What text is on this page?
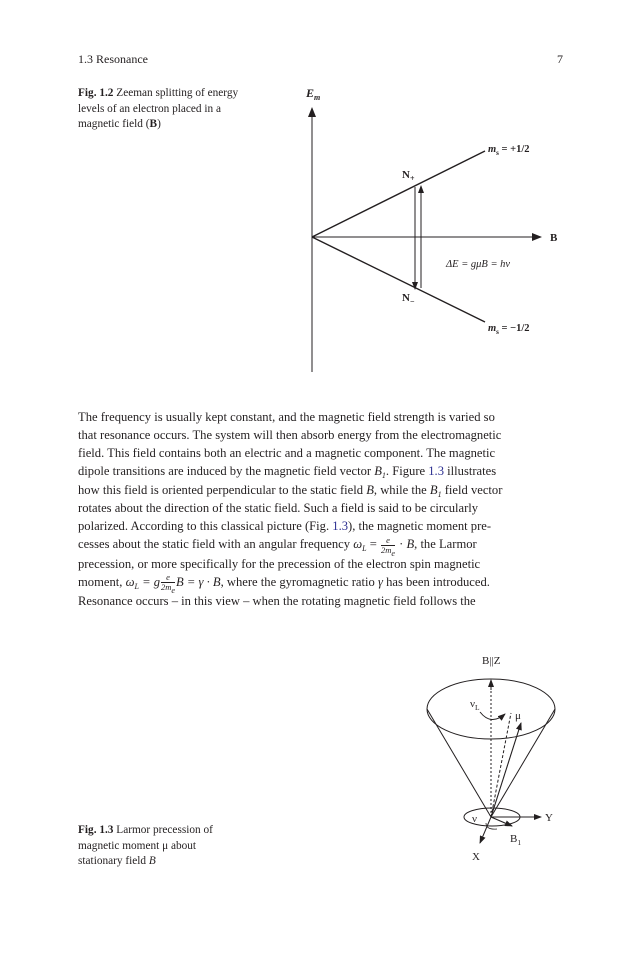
1.3 Resonance	7
Fig. 1.2 Zeeman splitting of energy levels of an electron placed in a magnetic field (B)
$E_m$
B
$m_s = +1/2$
$m_s = -1/2$
$N_+$
$N_-$
ΔE = gμB = hν
The frequency is usually kept constant, and the magnetic field strength is varied so
that resonance occurs. The system will then absorb energy from the electromagnetic
field. This field contains both an electric and a magnetic component. The magnetic
dipole transitions are induced by the magnetic field vector $B_1$. Figure 1.3 illustrates
how this field is oriented perpendicular to the static field B, while the $B_1$ field vector
rotates about the direction of the static field. Such a field is said to be circularly
polarized. According to this classical picture (Fig. 1.3), the magnetic moment pre-
cesses about the static field with an angular frequency $\omega_L = \frac{e}{2m_e} \cdot B$, the Larmor
precession, or more specifically for the precession of the electron spin magnetic
moment, $\omega_L = g \frac{e}{2m_e}$ B = γ · B, where the gyromagnetic ratio γ has been introduced.
Resonance occurs – in this view – when the rotating magnetic field follows the
Fig. 1.3 Larmor precession of magnetic moment μ about stationary field B
B||Z
$\nu_L$
μ
ν	Y
$B_1$
X
